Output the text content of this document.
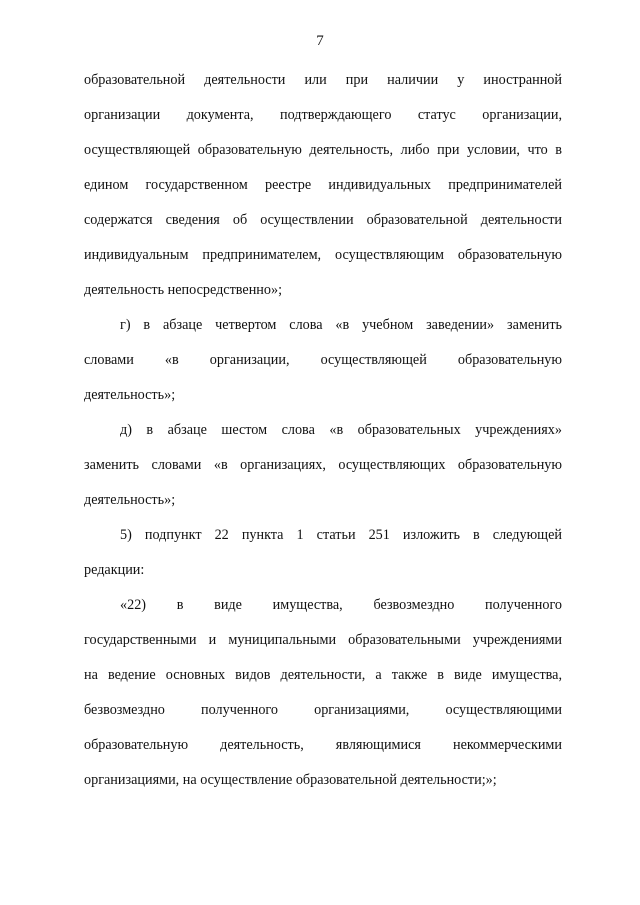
7
образовательной деятельности или при наличии у иностранной
организации документа, подтверждающего статус организации,
осуществляющей образовательную деятельность, либо при условии, что в
едином государственном реестре индивидуальных предпринимателей
содержатся сведения об осуществлении образовательной деятельности
индивидуальным предпринимателем, осуществляющим образовательную
деятельность непосредственно»;
г) в абзаце четвертом слова «в учебном заведении» заменить
словами «в организации, осуществляющей образовательную
деятельность»;
д) в абзаце шестом слова «в образовательных учреждениях»
заменить словами «в организациях, осуществляющих образовательную
деятельность»;
5) подпункт 22 пункта 1 статьи 251 изложить в следующей
редакции:
«22) в виде имущества, безвозмездно полученного
государственными и муниципальными образовательными учреждениями
на ведение основных видов деятельности, а также в виде имущества,
безвозмездно полученного организациями, осуществляющими
образовательную деятельность, являющимися некоммерческими
организациями, на осуществление образовательной деятельности;»;
